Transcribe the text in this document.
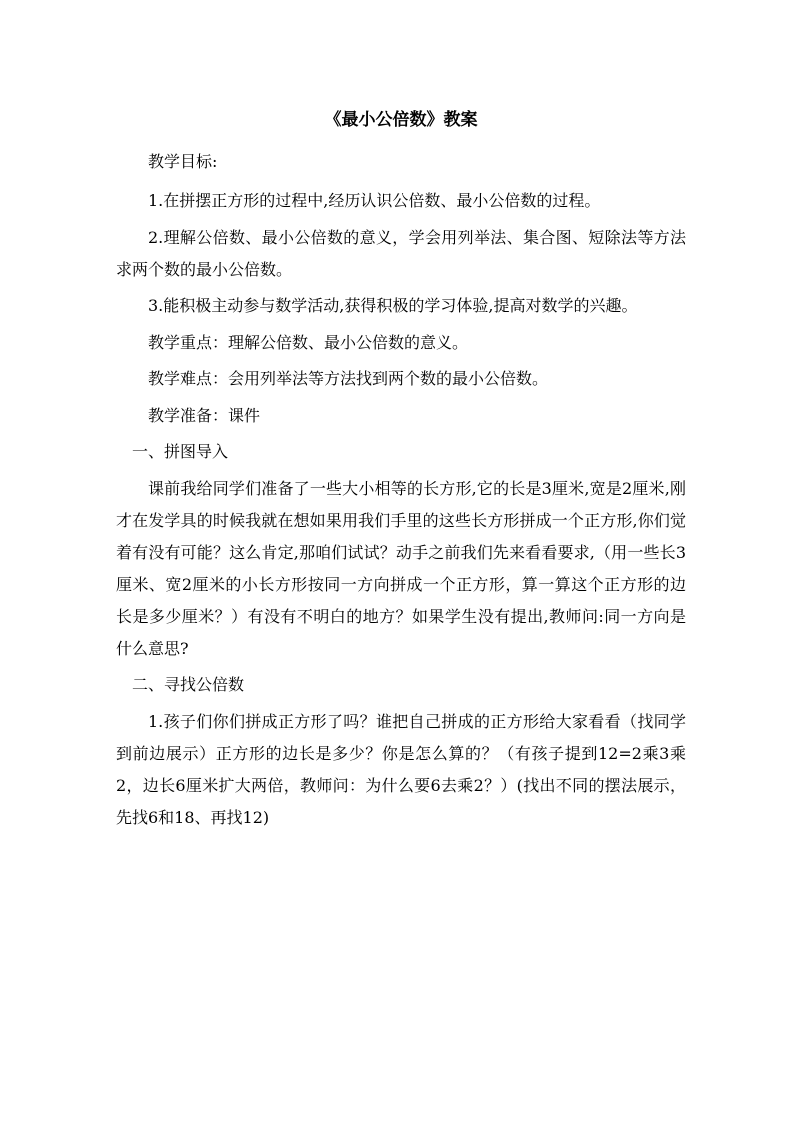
《最小公倍数》教案
教学目标:
1.在拼摆正方形的过程中,经历认识公倍数、最小公倍数的过程。
2.理解公倍数、最小公倍数的意义，学会用列举法、集合图、短除法等方法求两个数的最小公倍数。
3.能积极主动参与数学活动,获得积极的学习体验,提高对数学的兴趣。
教学重点：理解公倍数、最小公倍数的意义。
教学难点：会用列举法等方法找到两个数的最小公倍数。
教学准备：课件
一、拼图导入
课前我给同学们准备了一些大小相等的长方形,它的长是3厘米,宽是2厘米,刚才在发学具的时候我就在想如果用我们手里的这些长方形拼成一个正方形,你们觉着有没有可能？这么肯定,那咱们试试？动手之前我们先来看看要求,（用一些长3厘米、宽2厘米的小长方形按同一方向拼成一个正方形，算一算这个正方形的边长是多少厘米？）有没有不明白的地方？如果学生没有提出,教师问:同一方向是什么意思?
二、寻找公倍数
1.孩子们你们拼成正方形了吗？谁把自己拼成的正方形给大家看看（找同学到前边展示）正方形的边长是多少？你是怎么算的？（有孩子提到12=2乘3乘2，边长6厘米扩大两倍，教师问：为什么要6去乘2？）(找出不同的摆法展示，先找6和18、再找12)
